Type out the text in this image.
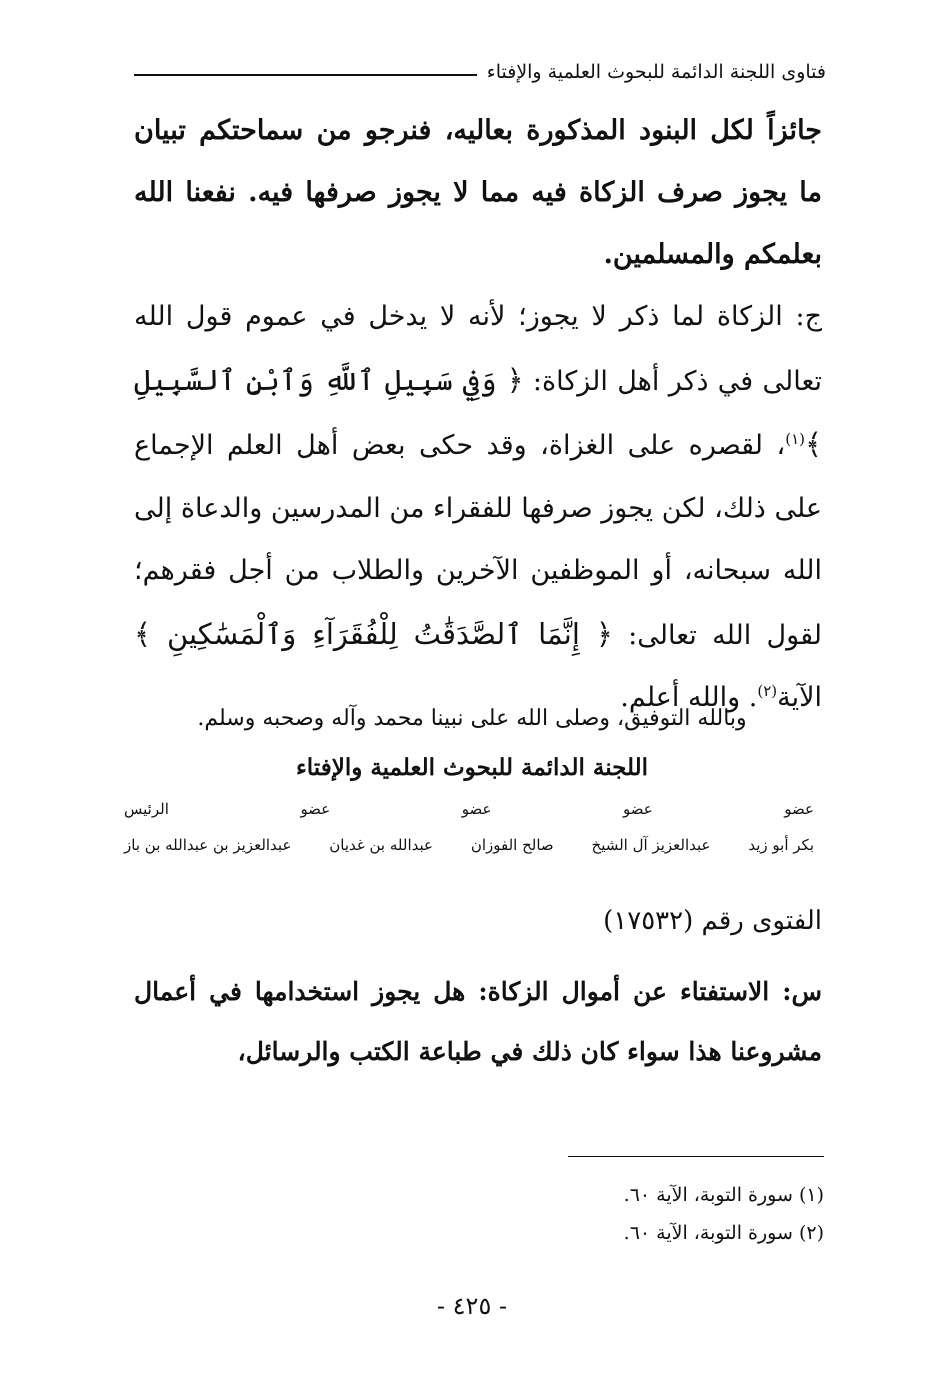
فتاوى اللجنة الدائمة للبحوث العلمية والإفتاء

جائزاً لكل البنود المذكورة بعاليه، فنرجو من سماحتكم تبيان ما يجوز صرف الزكاة فيه مما لا يجوز صرفها فيه. نفعنا الله بعلمكم والمسلمين.

ج: الزكاة لما ذكر لا يجوز؛ لأنه لا يدخل في عموم قول الله تعالى في ذكر أهل الزكاة: ﴿ وَفِي سَبِيلِ ٱللَّهِ وَٱبْنِ ٱلسَّبِيلِ ﴾$^{(١)}$، لقصره على الغزاة، وقد حكى بعض أهل العلم الإجماع على ذلك، لكن يجوز صرفها للفقراء من المدرسين والدعاة إلى الله سبحانه، أو الموظفين الآخرين والطلاب من أجل فقرهم؛ لقول الله تعالى: ﴿ إِنَّمَا ٱلصَّدَقَٰتُ لِلْفُقَرَآءِ وَٱلْمَسَٰكِينِ ﴾ الآية$^{(٢)}$. والله أعلم.

وبالله التوفيق، وصلى الله على نبينا محمد وآله وصحبه وسلم.
اللجنة الدائمة للبحوث العلمية والإفتاء
عضو
عضو
عضو
عضو
الرئيس
بكر أبو زيد
عبدالعزيز آل الشيخ
صالح الفوزان
عبدالله بن غديان
عبدالعزيز بن عبدالله بن باز
الفتوى رقم (١٧٥٣٢)

س: الاستفتاء عن أموال الزكاة: هل يجوز استخدامها في أعمال مشروعنا هذا سواء كان ذلك في طباعة الكتب والرسائل،

(١) سورة التوبة، الآية ٦٠.
(٢) سورة التوبة، الآية ٦٠.
- ٤٢٥ -
